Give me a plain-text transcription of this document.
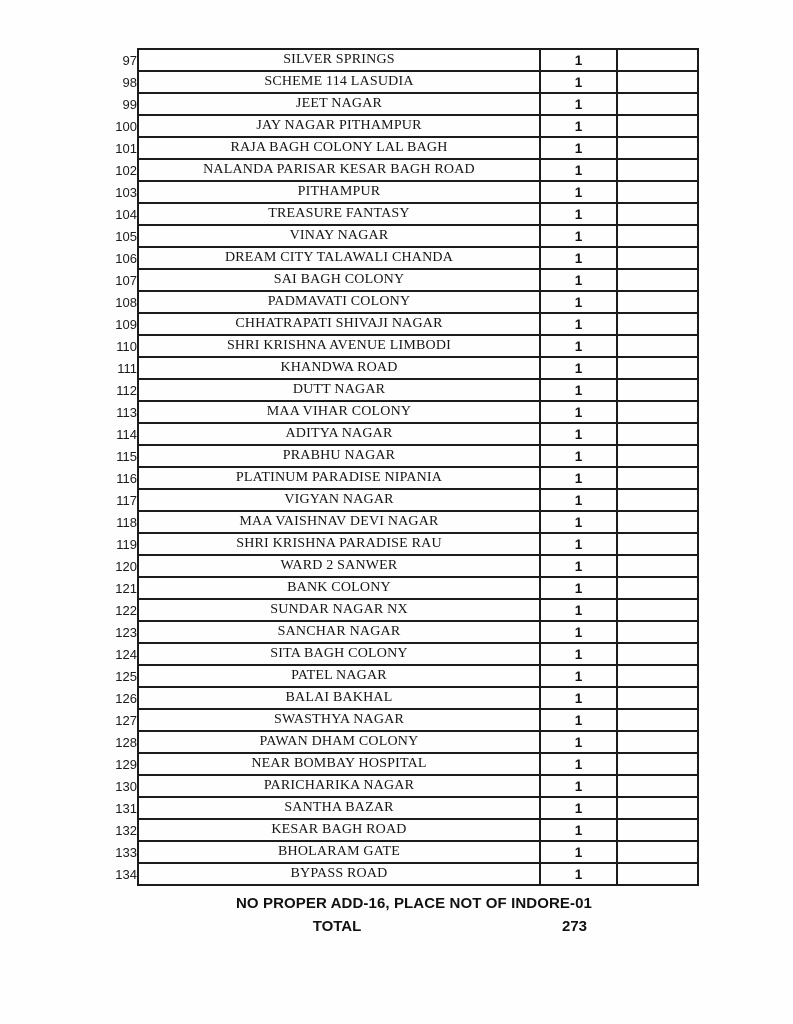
97	SILVER SPRINGS	1	
98	SCHEME 114 LASUDIA	1	
99	JEET NAGAR	1	
100	JAY NAGAR PITHAMPUR	1	
101	RAJA BAGH COLONY LAL BAGH	1	
102	NALANDA PARISAR KESAR BAGH ROAD	1	
103	PITHAMPUR	1	
104	TREASURE FANTASY	1	
105	VINAY NAGAR	1	
106	DREAM CITY TALAWALI CHANDA	1	
107	SAI BAGH COLONY	1	
108	PADMAVATI COLONY	1	
109	CHHATRAPATI SHIVAJI NAGAR	1	
110	SHRI KRISHNA AVENUE LIMBODI	1	
111	KHANDWA ROAD	1	
112	DUTT NAGAR	1	
113	MAA VIHAR COLONY	1	
114	ADITYA NAGAR	1	
115	PRABHU NAGAR	1	
116	PLATINUM PARADISE NIPANIA	1	
117	VIGYAN NAGAR	1	
118	MAA VAISHNAV DEVI NAGAR	1	
119	SHRI KRISHNA PARADISE RAU	1	
120	WARD 2 SANWER	1	
121	BANK COLONY	1	
122	SUNDAR NAGAR NX	1	
123	SANCHAR NAGAR	1	
124	SITA BAGH COLONY	1	
125	PATEL NAGAR	1	
126	BALAI BAKHAL	1	
127	SWASTHYA NAGAR	1	
128	PAWAN DHAM COLONY	1	
129	NEAR BOMBAY HOSPITAL	1	
130	PARICHARIKA NAGAR	1	
131	SANTHA BAZAR	1	
132	KESAR BAGH ROAD	1	
133	BHOLARAM GATE	1	
134	BYPASS ROAD	1	
NO PROPER ADD-16, PLACE NOT OF INDORE-01
TOTAL	273
